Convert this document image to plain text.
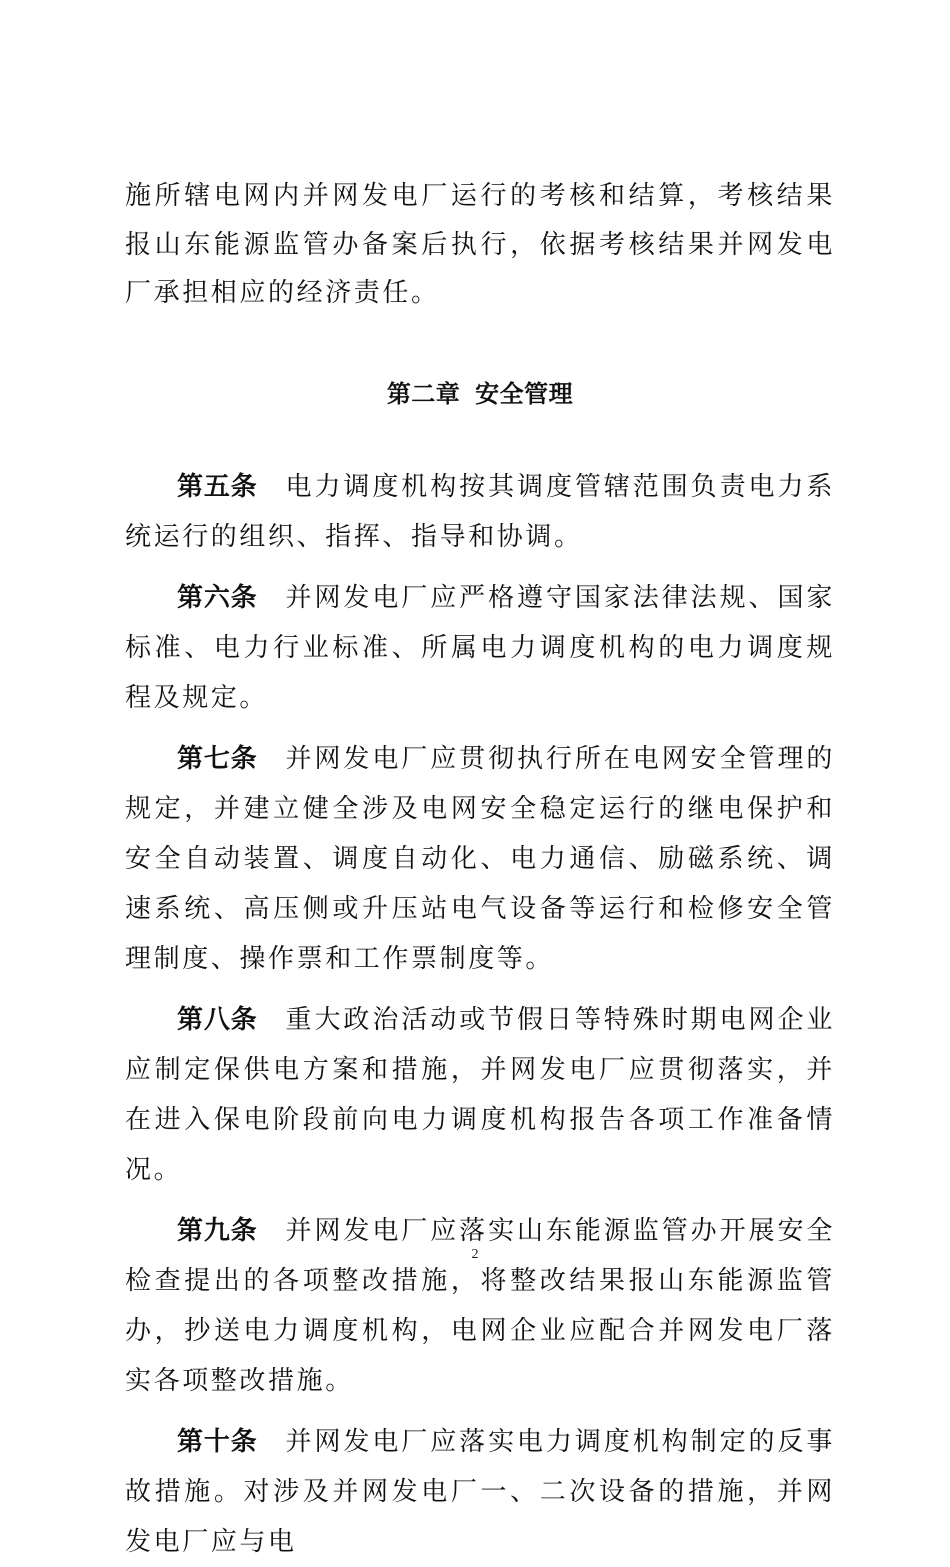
施所辖电网内并网发电厂运行的考核和结算，考核结果报山东能源监管办备案后执行，依据考核结果并网发电厂承担相应的经济责任。

第二章 安全管理

第五条 电力调度机构按其调度管辖范围负责电力系统运行的组织、指挥、指导和协调。

第六条 并网发电厂应严格遵守国家法律法规、国家标准、电力行业标准、所属电力调度机构的电力调度规程及规定。

第七条 并网发电厂应贯彻执行所在电网安全管理的规定，并建立健全涉及电网安全稳定运行的继电保护和安全自动装置、调度自动化、电力通信、励磁系统、调速系统、高压侧或升压站电气设备等运行和检修安全管理制度、操作票和工作票制度等。

第八条 重大政治活动或节假日等特殊时期电网企业应制定保供电方案和措施，并网发电厂应贯彻落实，并在进入保电阶段前向电力调度机构报告各项工作准备情况。

第九条 并网发电厂应落实山东能源监管办开展安全检查提出的各项整改措施，将整改结果报山东能源监管办，抄送电力调度机构，电网企业应配合并网发电厂落实各项整改措施。

第十条 并网发电厂应落实电力调度机构制定的反事故措施。对涉及并网发电厂一、二次设备的措施，并网发电厂应与电

2
